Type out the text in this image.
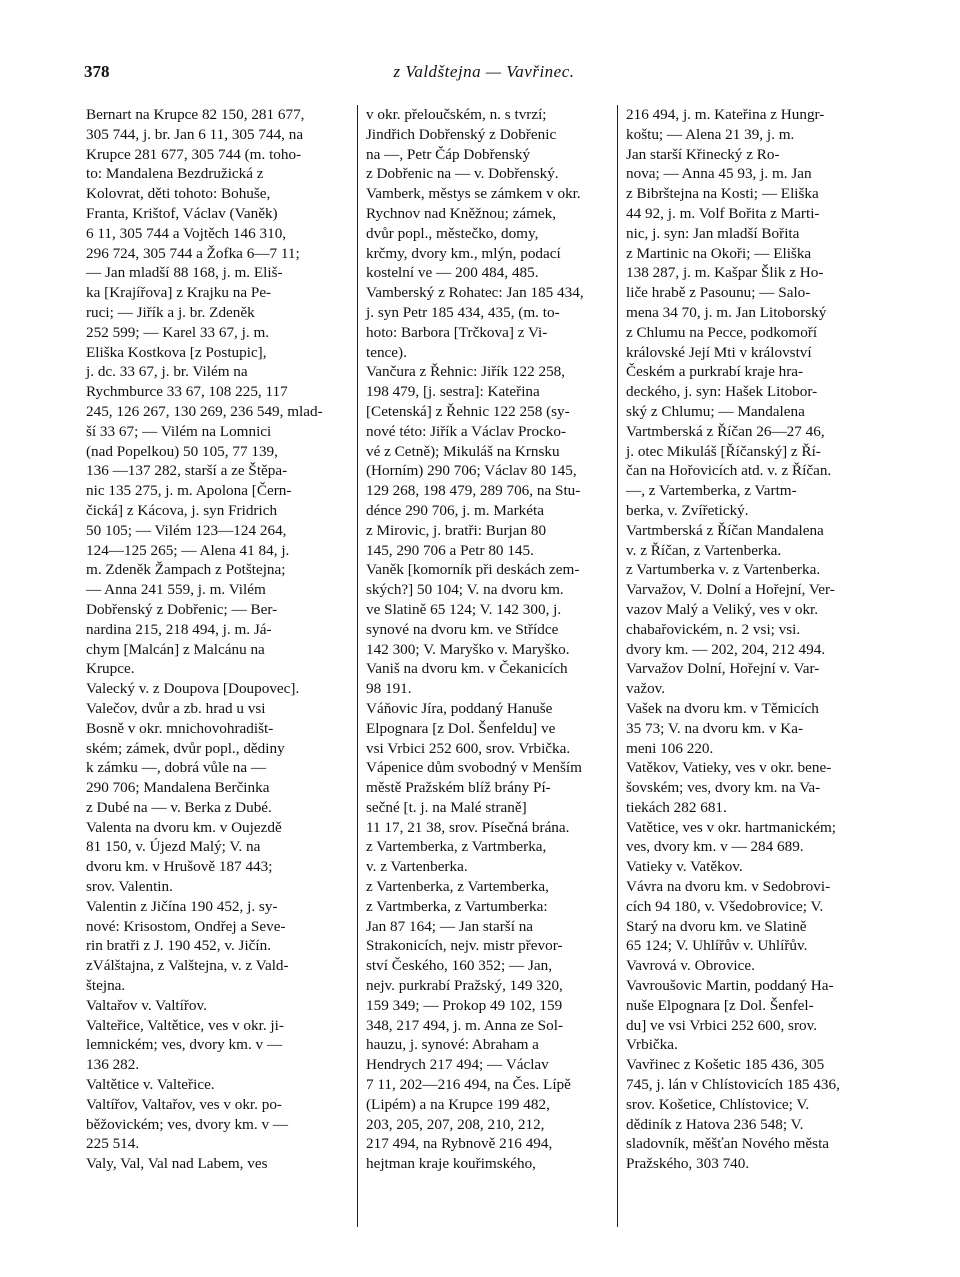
378	z Valdštejna — Vavřinec.

Bernart na Krupce 82 150, 281 677,
305 744, j. br. Jan 6 11, 305 744, na
Krupce 281 677, 305 744 (m. toho-
to: Mandalena Bezdružická z
Kolovrat, děti tohoto: Bohuše,
Franta, Krištof, Václav (Vaněk)
6 11, 305 744 a Vojtěch 146 310,
296 724, 305 744 a Žofka 6—7 11;
— Jan mladší 88 168, j. m. Eliš-
ka [Krajířova] z Krajku na Pe-
ruci; — Jiřík a j. br. Zdeněk
252 599; — Karel 33 67, j. m.
Eliška Kostkova [z Postupic],
j. dc. 33 67, j. br. Vilém na
Rychmburce 33 67, 108 225, 117
245, 126 267, 130 269, 236 549, mlad-
ší 33 67; — Vilém na Lomnici
(nad Popelkou) 50 105, 77 139,
136 —137 282, starší a ze Štěpa-
nic 135 275, j. m. Apolona [Čern-
čická] z Kácova, j. syn Fridrich
50 105; — Vilém 123—124 264,
124—125 265; — Alena 41 84, j.
m. Zdeněk Žampach z Potštejna;
— Anna 241 559, j. m. Vilém
Dobřenský z Dobřenic; — Ber-
nardina 215, 218 494, j. m. Já-
chym [Malcán] z Malcánu na
Krupce.

Valecký v. z Doupova [Doupovec].

Valečov, dvůr a zb. hrad u vsi
Bosně v okr. mnichovohradišt-
ském; zámek, dvůr popl., dědiny
k zámku —, dobrá vůle na —
290 706; Mandalena Berčinka
z Dubé na — v. Berka z Dubé.

Valenta na dvoru km. v Oujezdě
81 150, v. Újezd Malý; V. na
dvoru km. v Hrušově 187 443;
srov. Valentin.

Valentin z Jičína 190 452, j. sy-
nové: Krisostom, Ondřej a Seve-
rin bratři z J. 190 452, v. Jičín.

zVálštajna, z Valštejna, v. z Vald-
štejna.

Valtařov v. Valtířov.

Valteřice, Valtětice, ves v okr. ji-
lemnickém; ves, dvory km. v —
136 282.

Valtětice v. Valteřice.

Valtířov, Valtařov, ves v okr. po-
běžovickém; ves, dvory km. v —
225 514.

Valy, Val, Val nad Labem, ves

v okr. přeloučském, n. s tvrzí;
Jindřich Dobřenský z Dobřenic
na —, Petr Čáp Dobřenský
z Dobřenic na — v. Dobřenský.

Vamberk, městys se zámkem v okr.
Rychnov nad Kněžnou; zámek,
dvůr popl., městečko, domy,
krčmy, dvory km., mlýn, podací
kostelní ve — 200 484, 485.

Vamberský z Rohatec: Jan 185 434,
j. syn Petr 185 434, 435, (m. to-
hoto: Barbora [Trčkova] z Vi-
tence).

Vančura z Řehnic: Jiřík 122 258,
198 479, [j. sestra]: Kateřina
[Cetenská] z Řehnic 122 258 (sy-
nové této: Jiřík a Václav Procko-
vé z Cetně); Mikuláš na Krnsku
(Horním) 290 706; Václav 80 145,
129 268, 198 479, 289 706, na Stu-
dénce 290 706, j. m. Markéta
z Mirovic, j. bratři: Burjan 80
145, 290 706 a Petr 80 145.

Vaněk [komorník při deskách zem-
ských?] 50 104; V. na dvoru km.
ve Slatině 65 124; V. 142 300, j.
synové na dvoru km. ve Střídce
142 300; V. Maryško v. Maryško.

Vaniš na dvoru km. v Čekanicích
98 191.

Váňovic Jíra, poddaný Hanuše
Elpognara [z Dol. Šenfeldu] ve
vsi Vrbici 252 600, srov. Vrbička.

Vápenice dům svobodný v Menším
městě Pražském blíž brány Pí-
sečné [t. j. na Malé straně]
11 17, 21 38, srov. Písečná brána.

z Vartemberka, z Vartmberka,
v. z Vartenberka.

z Vartenberka, z Vartemberka,
z Vartmberka, z Vartumberka:
Jan 87 164; — Jan starší na
Strakonicích, nejv. mistr převor-
ství Českého, 160 352; — Jan,
nejv. purkrabí Pražský, 149 320,
159 349; — Prokop 49 102, 159
348, 217 494, j. m. Anna ze Sol-
hauzu, j. synové: Abraham a
Hendrych 217 494; — Václav
7 11, 202—216 494, na Čes. Lípě
(Lipém) a na Krupce 199 482,
203, 205, 207, 208, 210, 212,
217 494, na Rybnově 216 494,
hejtman kraje kouřimského,

216 494, j. m. Kateřina z Hungr-
koštu; — Alena 21 39, j. m.
Jan starší Křinecký z Ro-
nova; — Anna 45 93, j. m. Jan
z Bibrštejna na Kosti; — Eliška
44 92, j. m. Volf Bořita z Marti-
nic, j. syn: Jan mladší Bořita
z Martinic na Okoři; — Eliška
138 287, j. m. Kašpar Šlik z Ho-
liče hrabě z Pasounu; — Salo-
mena 34 70, j. m. Jan Litoborský
z Chlumu na Pecce, podkomoří
královské Její Mti v království
Českém a purkrabí kraje hra-
deckého, j. syn: Hašek Litobor-
ský z Chlumu; — Mandalena
Vartmberská z Říčan 26—27 46,
j. otec Mikuláš [Říčanský] z Ří-
čan na Hořovicích atd. v. z Říčan.

—, z Vartemberka, z Vartm-
berka, v. Zvířetický.

Vartmberská z Říčan Mandalena
v. z Říčan, z Vartenberka.

z Vartumberka v. z Vartenberka.

Varvažov, V. Dolní a Hořejní, Ver-
vazov Malý a Veliký, ves v okr.
chabařovickém, n. 2 vsi; vsi.
dvory km. — 202, 204, 212 494.

Varvažov Dolní, Hořejní v. Var-
važov.

Vašek na dvoru km. v Těmicích
35 73; V. na dvoru km. v Ka-
meni 106 220.

Vatěkov, Vatieky, ves v okr. bene-
šovském; ves, dvory km. na Va-
tiekách 282 681.

Vatětice, ves v okr. hartmanickém;
ves, dvory km. v — 284 689.

Vatieky v. Vatěkov.

Vávra na dvoru km. v Sedobrovi-
cích 94 180, v. Všedobrovice; V.
Starý na dvoru km. ve Slatině
65 124; V. Uhlířův v. Uhlířův.

Vavrová v. Obrovice.

Vavroušovic Martin, poddaný Ha-
nuše Elpognara [z Dol. Šenfel-
du] ve vsi Vrbici 252 600, srov.
Vrbička.

Vavřinec z Košetic 185 436, 305
745, j. lán v Chlístovicích 185 436,
srov. Košetice, Chlístovice; V.
dědiník z Hatova 236 548; V.
sladovník, měšťan Nového města
Pražského, 303 740.
